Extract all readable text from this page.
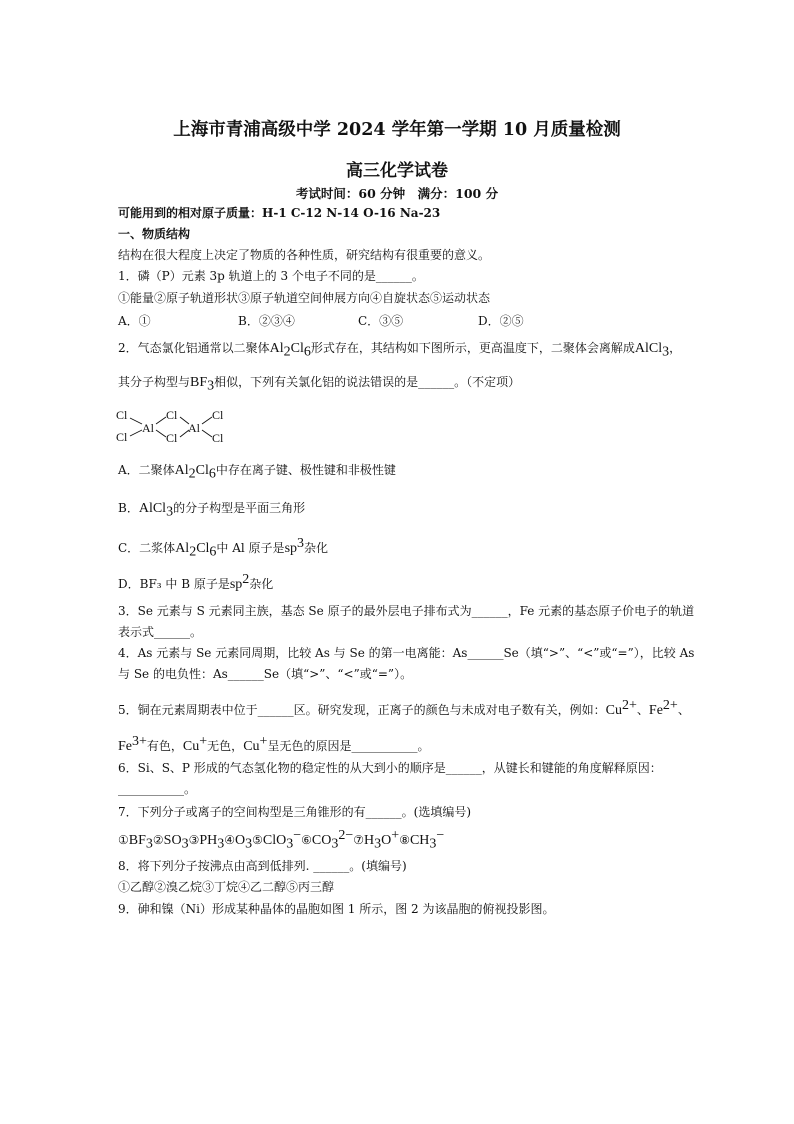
上海市青浦高级中学 2024 学年第一学期 10 月质量检测
高三化学试卷
考试时间：60 分钟　满分：100 分
可能用到的相对原子质量：H-1 C-12 N-14 O-16 Na-23
一、物质结构
结构在很大程度上决定了物质的各种性质，研究结构有很重要的意义。
1．磷（P）元素 3p 轨道上的 3 个电子不同的是______。
①能量②原子轨道形状③原子轨道空间伸展方向④自旋状态⑤运动状态
A．①	B．②③④	C．③⑤	D．②⑤
2．气态氯化铝通常以二聚体$Al_2Cl_6$形式存在，其结构如下图所示，更高温度下，二聚体会离解成AlCl$_3$，
其分子构型与$BF_3$相似，下列有关氯化铝的说法错误的是______。（不定项）
Cl
Cl
Al
Cl
Cl
Al
Cl
Cl
A．二聚体$Al_2Cl_6$中存在离子键、极性键和非极性键
B．AlCl$_3$的分子构型是平面三角形
C．二浆体$Al_2Cl_6$中 Al 原子是$sp^3$杂化
D．BF₃ 中 B 原子是$sp^2$杂化
3．Se 元素与 S 元素同主族，基态 Se 原子的最外层电子排布式为______，Fe 元素的基态原子价电子的轨道
表示式______。
4．As 元素与 Se 元素同周期，比较 As 与 Se 的第一电离能：As______Se（填“>”、“<”或“=”），比较 As
与 Se 的电负性：As______Se（填“>”、“<”或“=”）。
5．铜在元素周期表中位于______区。研究发现，正离子的颜色与未成对电子数有关，例如：$Cu^{2+}$、$Fe^{2+}$、
$Fe^{3+}$有色，Cu+无色，Cu+呈无色的原因是___________。
6．Si、S、P 形成的气态氢化物的稳定性的从大到小的顺序是______，从键长和键能的角度解释原因：
___________。
7．下列分子或离子的空间构型是三角锥形的有______。(选填编号)
$①BF_3②SO_3③PH_3④O_3⑤ClO_3^-⑥CO_3^{2-}⑦H_3O^+⑧CH_3^-$
8．将下列分子按沸点由高到低排列. ______。(填编号)
①乙醇②溴乙烷③丁烷④乙二醇⑤丙三醇
9．砷和镍（Ni）形成某种晶体的晶胞如图 1 所示，图 2 为该晶胞的俯视投影图。
